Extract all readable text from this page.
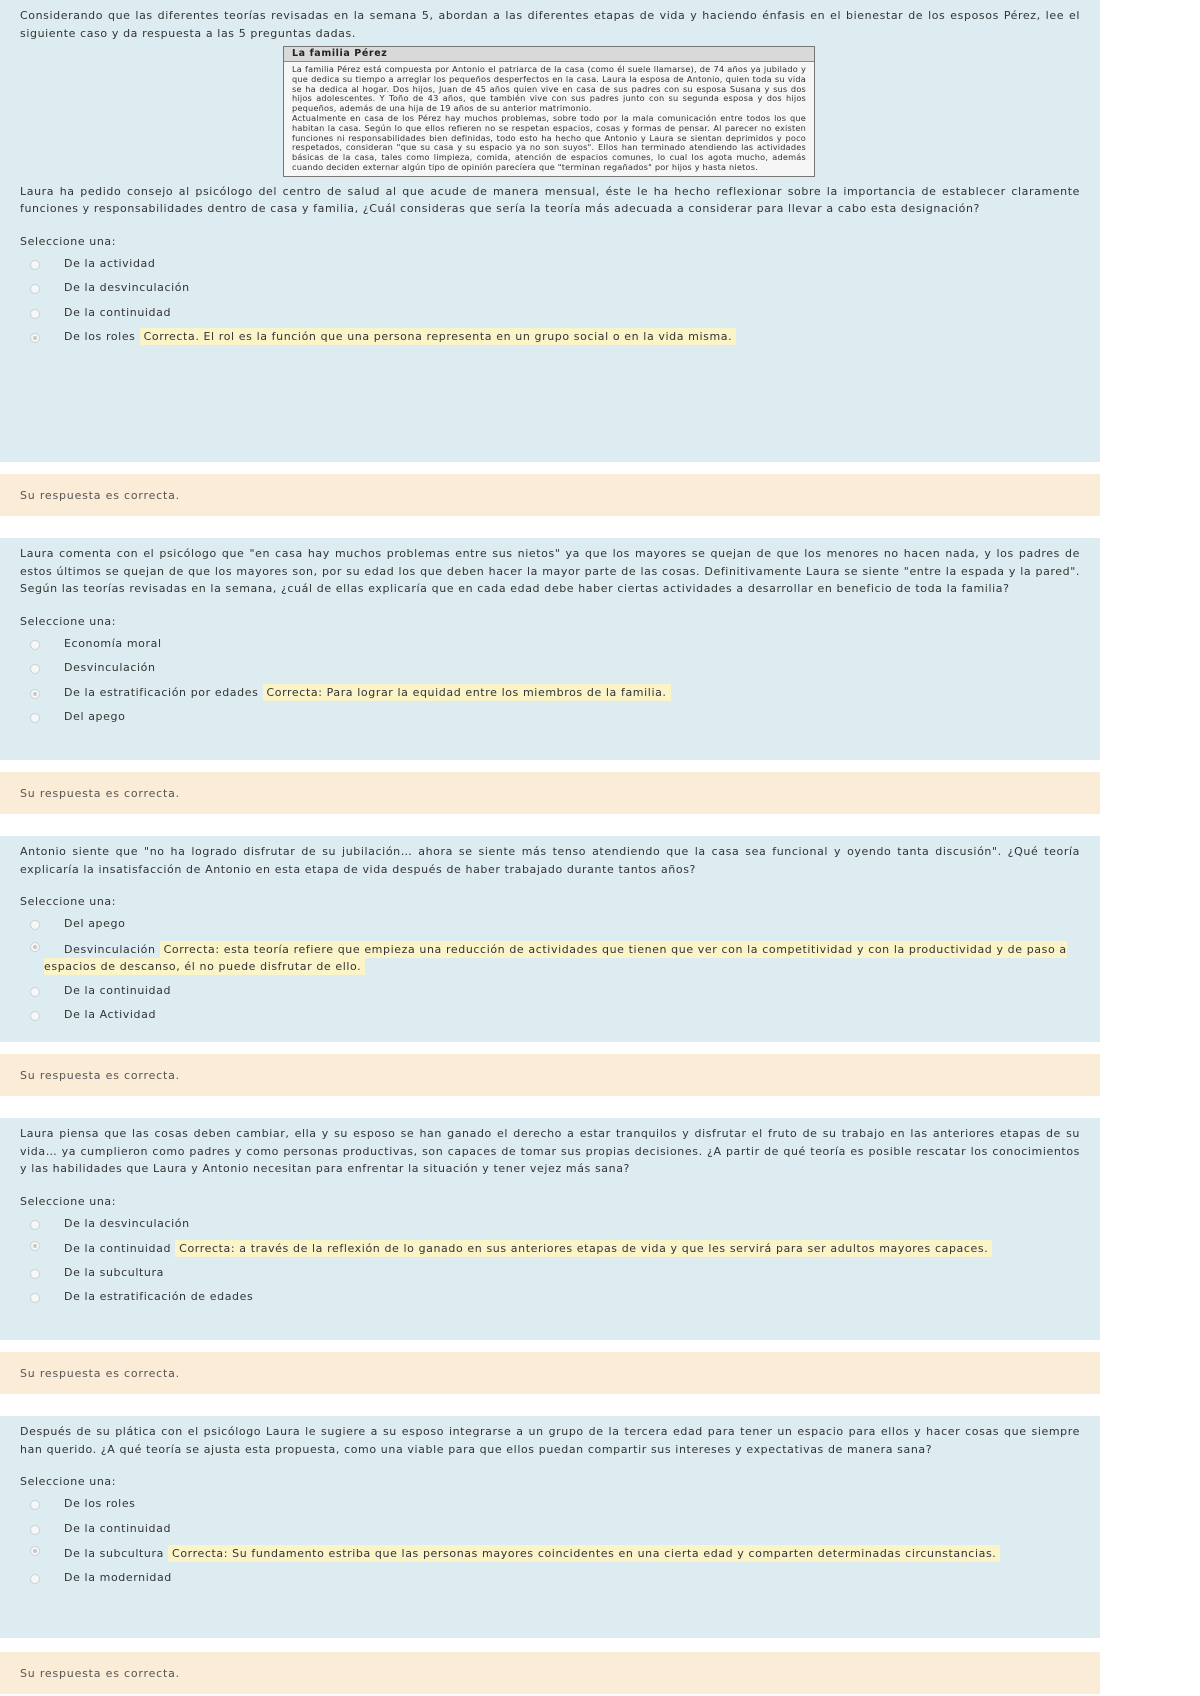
Considerando que las diferentes teorías revisadas en la semana 5, abordan a las diferentes etapas de vida y haciendo énfasis en el bienestar de los esposos Pérez, lee el siguiente caso y da respuesta a las 5 preguntas dadas.

La familia Pérez

La familia Pérez está compuesta por Antonio el patriarca de la casa (como él suele llamarse), de 74 años ya jubilado y que dedica su tiempo a arreglar los pequeños desperfectos en la casa. Laura la esposa de Antonio, quien toda su vida se ha dedica al hogar. Dos hijos, Juan de 45 años quien vive en casa de sus padres con su esposa Susana y sus dos hijos adolescentes. Y Toño de 43 años, que también vive con sus padres junto con su segunda esposa y dos hijos pequeños, además de una hija de 19 años de su anterior matrimonio.

Actualmente en casa de los Pérez hay muchos problemas, sobre todo por la mala comunicación entre todos los que habitan la casa. Según lo que ellos refieren no se respetan espacios, cosas y formas de pensar. Al parecer no existen funciones ni responsabilidades bien definidas, todo esto ha hecho que Antonio y Laura se sientan deprimidos y poco respetados, consideran "que su casa y su espacio ya no son suyos". Ellos han terminado atendiendo las actividades básicas de la casa, tales como limpieza, comida, atención de espacios comunes, lo cual los agota mucho, además cuando deciden externar algún tipo de opinión parecíera que "terminan regañados" por hijos y hasta nietos.

Laura ha pedido consejo al psicólogo del centro de salud al que acude de manera mensual, éste le ha hecho reflexionar sobre la importancia de establecer claramente funciones y responsabilidades dentro de casa y familia, ¿Cuál consideras que sería la teoría más adecuada a considerar para llevar a cabo esta designación?

Seleccione una:
De la actividad
De la desvinculación
De la continuidad
De los roles Correcta. El rol es la función que una persona representa en un grupo social o en la vida misma.
Su respuesta es correcta.

Laura comenta con el psicólogo que "en casa hay muchos problemas entre sus nietos" ya que los mayores se quejan de que los menores no hacen nada, y los padres de estos últimos se quejan de que los mayores son, por su edad los que deben hacer la mayor parte de las cosas. Definitivamente Laura se siente "entre la espada y la pared". Según las teorías revisadas en la semana, ¿cuál de ellas explicaría que en cada edad debe haber ciertas actividades a desarrollar en beneficio de toda la familia?

Seleccione una:
Economía moral
Desvinculación
De la estratificación por edades Correcta: Para lograr la equidad entre los miembros de la familia.
Del apego
Su respuesta es correcta.

Antonio siente que "no ha logrado disfrutar de su jubilación… ahora se siente más tenso atendiendo que la casa sea funcional y oyendo tanta discusión". ¿Qué teoría explicaría la insatisfacción de Antonio en esta etapa de vida después de haber trabajado durante tantos años?

Seleccione una:
Del apego
Desvinculación Correcta: esta teoría refiere que empieza una reducción de actividades que tienen que ver con la competitividad y con la productividad y de paso a espacios de descanso, él no puede disfrutar de ello.
De la continuidad
De la Actividad
Su respuesta es correcta.

Laura piensa que las cosas deben cambiar, ella y su esposo se han ganado el derecho a estar tranquilos y disfrutar el fruto de su trabajo en las anteriores etapas de su vida… ya cumplieron como padres y como personas productivas, son capaces de tomar sus propias decisiones. ¿A partir de qué teoría es posible rescatar los conocimientos y las habilidades que Laura y Antonio necesitan para enfrentar la situación y tener vejez más sana?

Seleccione una:
De la desvinculación
De la continuidad Correcta: a través de la reflexión de lo ganado en sus anteriores etapas de vida y que les servirá para ser adultos mayores capaces.
De la subcultura
De la estratificación de edades
Su respuesta es correcta.

Después de su plática con el psicólogo Laura le sugiere a su esposo integrarse a un grupo de la tercera edad para tener un espacio para ellos y hacer cosas que siempre han querido. ¿A qué teoría se ajusta esta propuesta, como una viable para que ellos puedan compartir sus intereses y expectativas de manera sana?

Seleccione una:
De los roles
De la continuidad
De la subcultura Correcta: Su fundamento estriba que las personas mayores coincidentes en una cierta edad y comparten determinadas circunstancias.
De la modernidad
Su respuesta es correcta.
